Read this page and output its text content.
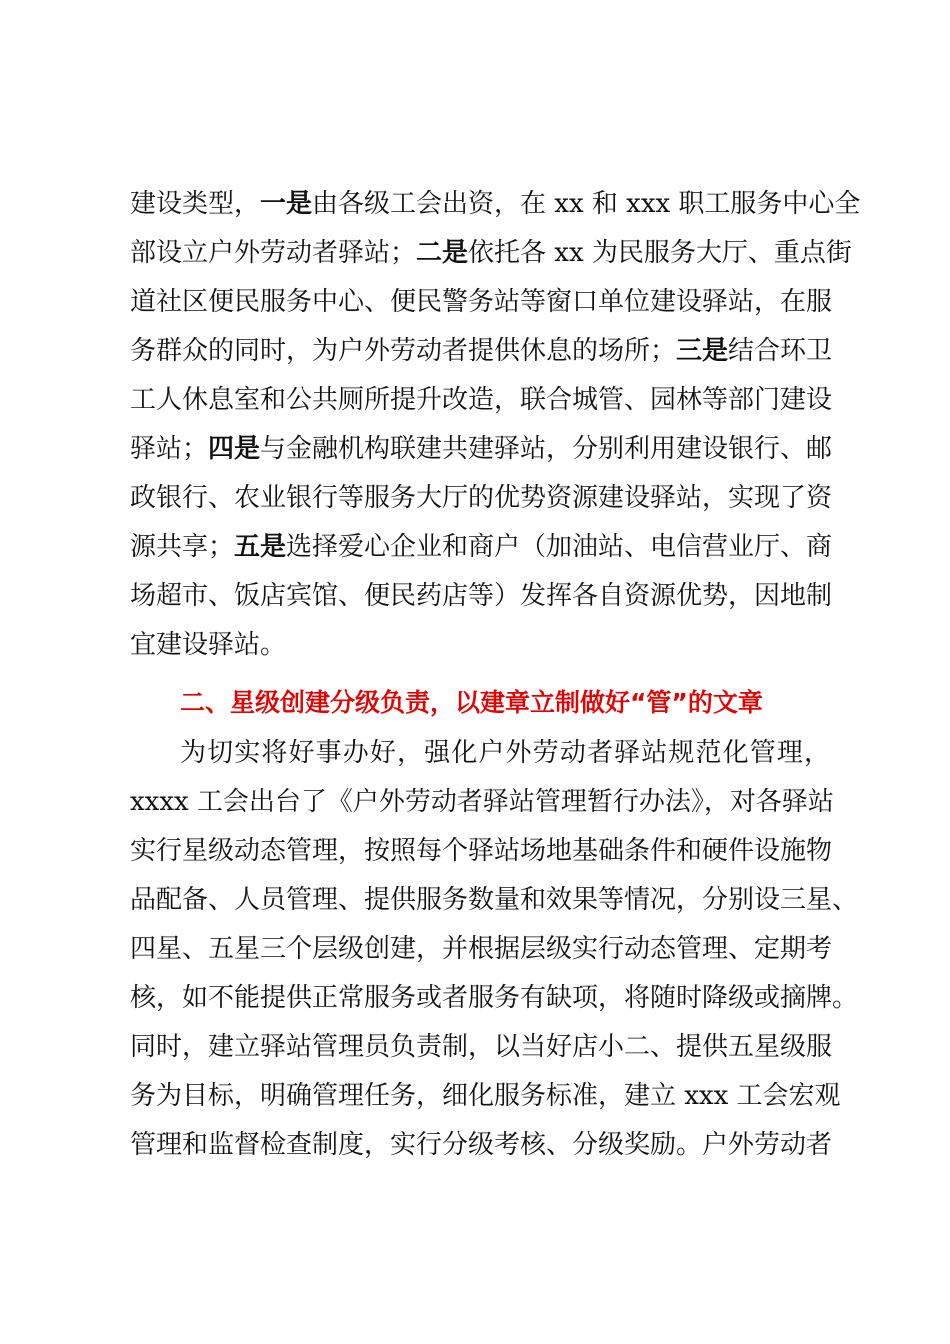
建设类型，一是由各级工会出资，在 xx 和 xxx 职工服务中心全
部设立户外劳动者驿站；二是依托各 xx 为民服务大厅、重点街
道社区便民服务中心、便民警务站等窗口单位建设驿站，在服
务群众的同时，为户外劳动者提供休息的场所；三是结合环卫
工人休息室和公共厕所提升改造，联合城管、园林等部门建设
驿站；四是与金融机构联建共建驿站，分别利用建设银行、邮
政银行、农业银行等服务大厅的优势资源建设驿站，实现了资
源共享；五是选择爱心企业和商户（加油站、电信营业厅、商
场超市、饭店宾馆、便民药店等）发挥各自资源优势，因地制
宜建设驿站。
二、星级创建分级负责，以建章立制做好“管”的文章
为切实将好事办好，强化户外劳动者驿站规范化管理，
xxxx 工会出台了《户外劳动者驿站管理暂行办法》，对各驿站
实行星级动态管理，按照每个驿站场地基础条件和硬件设施物
品配备、人员管理、提供服务数量和效果等情况，分别设三星、
四星、五星三个层级创建，并根据层级实行动态管理、定期考
核，如不能提供正常服务或者服务有缺项，将随时降级或摘牌。
同时，建立驿站管理员负责制，以当好店小二、提供五星级服
务为目标，明确管理任务，细化服务标准，建立 xxx 工会宏观
管理和监督检查制度，实行分级考核、分级奖励。户外劳动者
